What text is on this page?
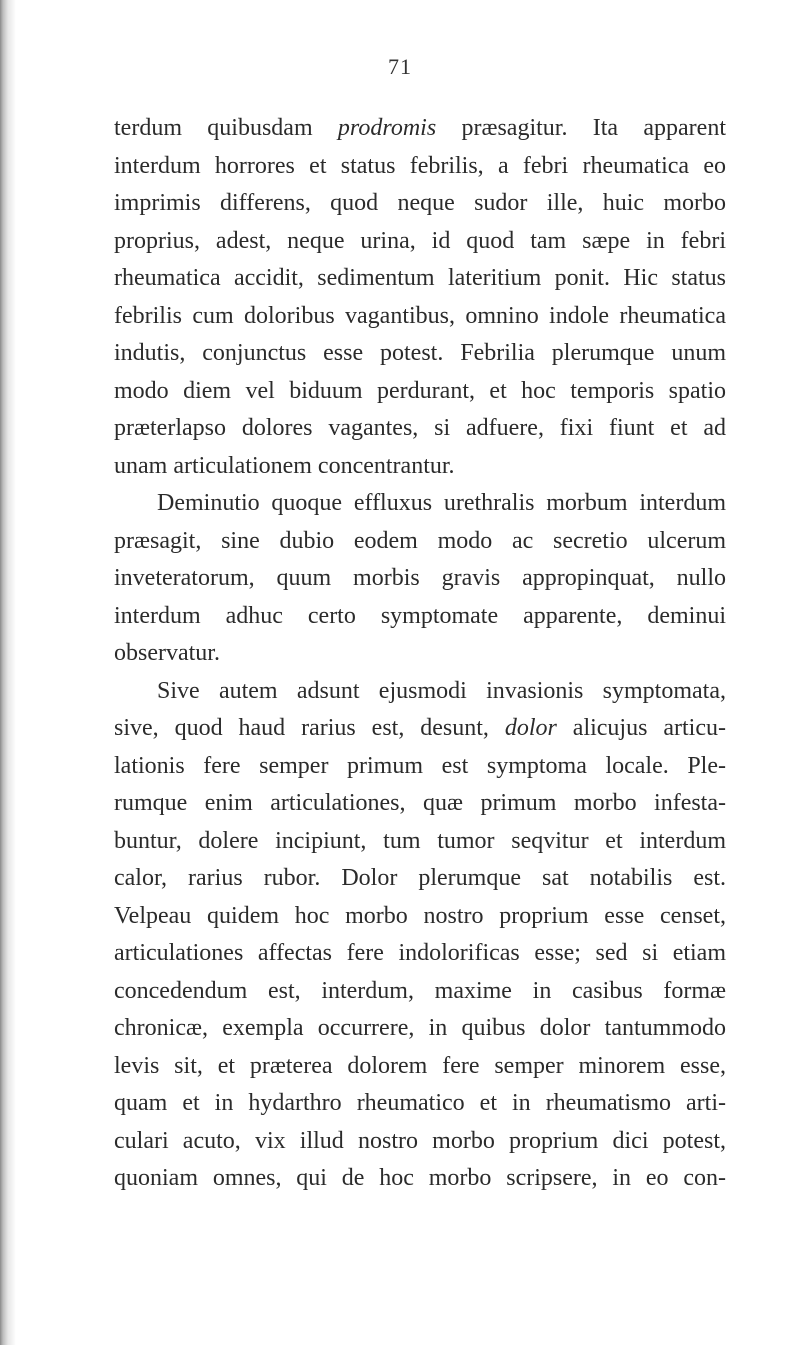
71
terdum quibusdam prodromis præsagitur. Ita apparent
interdum horrores et status febrilis, a febri rheumatica eo
imprimis differens, quod neque sudor ille, huic morbo
proprius, adest, neque urina, id quod tam sæpe in febri
rheumatica accidit, sedimentum lateritium ponit. Hic status
febrilis cum doloribus vagantibus, omnino indole rheumatica
indutis, conjunctus esse potest. Febrilia plerumque unum
modo diem vel biduum perdurant, et hoc temporis spatio
præterlapso dolores vagantes, si adfuere, fixi fiunt et ad
unam articulationem concentrantur.
Deminutio quoque effluxus urethralis morbum interdum
præsagit, sine dubio eodem modo ac secretio ulcerum
inveteratorum, quum morbis gravis appropinquat, nullo
interdum adhuc certo symptomate apparente, deminui
observatur.
Sive autem adsunt ejusmodi invasionis symptomata,
sive, quod haud rarius est, desunt, dolor alicujus articu-
lationis fere semper primum est symptoma locale. Ple-
rumque enim articulationes, quæ primum morbo infesta-
buntur, dolere incipiunt, tum tumor seqvitur et interdum
calor, rarius rubor. Dolor plerumque sat notabilis est.
Velpeau quidem hoc morbo nostro proprium esse censet,
articulationes affectas fere indolorificas esse; sed si etiam
concedendum est, interdum, maxime in casibus formæ
chronicæ, exempla occurrere, in quibus dolor tantummodo
levis sit, et præterea dolorem fere semper minorem esse,
quam et in hydarthro rheumatico et in rheumatismo arti-
culari acuto, vix illud nostro morbo proprium dici potest,
quoniam omnes, qui de hoc morbo scripsere, in eo con-
